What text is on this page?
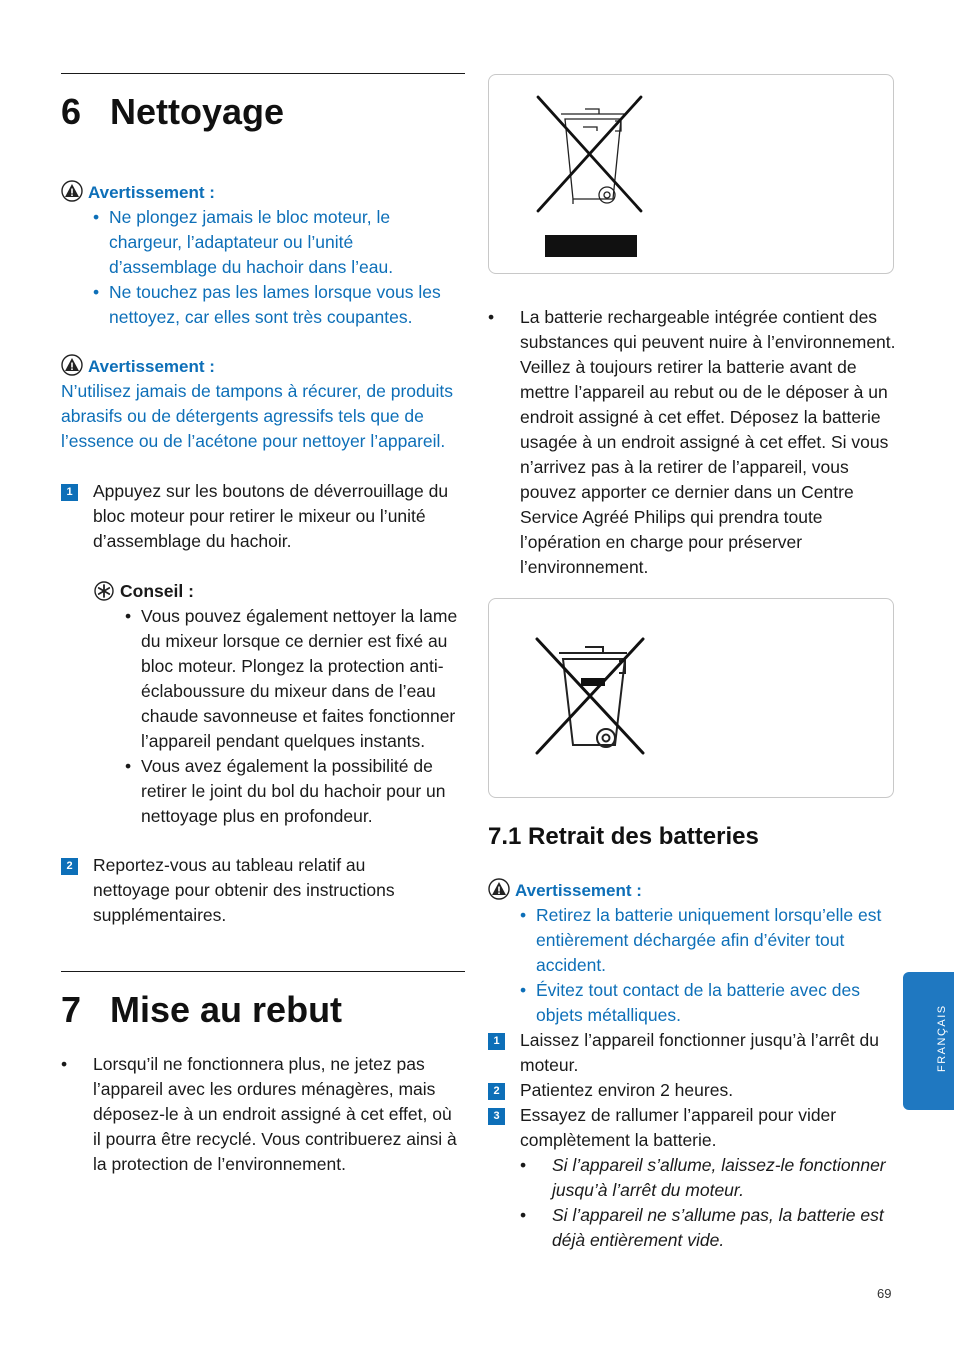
6 Nettoyage
Avertissement :
• Ne plongez jamais le bloc moteur, le chargeur, l’adaptateur ou l’unité d’assemblage du hachoir dans l’eau.
• Ne touchez pas les lames lorsque vous les nettoyez, car elles sont très coupantes.
Avertissement :
N’utilisez jamais de tampons à récurer, de produits abrasifs ou de détergents agressifs tels que de l’essence ou de l’acétone pour nettoyer l’appareil.
1	Appuyez sur les boutons de déverrouillage du bloc moteur pour retirer le mixeur ou l’unité d’assemblage du hachoir.
Conseil :
• Vous pouvez également nettoyer la lame du mixeur lorsque ce dernier est fixé au bloc moteur. Plongez la protection anti-éclaboussure du mixeur dans de l’eau chaude savonneuse et faites fonctionner l’appareil pendant quelques instants.
• Vous avez également la possibilité de retirer le joint du bol du hachoir pour un nettoyage plus en profondeur.
2	Reportez-vous au tableau relatif au nettoyage pour obtenir des instructions supplémentaires.
7 Mise au rebut
• Lorsqu’il ne fonctionnera plus, ne jetez pas l’appareil avec les ordures ménagères, mais déposez-le à un endroit assigné à cet effet, où il pourra être recyclé. Vous contribuerez ainsi à la protection de l’environnement.
• La batterie rechargeable intégrée contient des substances qui peuvent nuire à l’environnement. Veillez à toujours retirer la batterie avant de mettre l’appareil au rebut ou de le déposer à un endroit assigné à cet effet. Déposez la batterie usagée à un endroit assigné à cet effet. Si vous n’arrivez pas à la retirer de l’appareil, vous pouvez apporter ce dernier dans un Centre Service Agréé Philips qui prendra toute l’opération en charge pour préserver l’environnement.
7.1 Retrait des batteries
Avertissement :
• Retirez la batterie uniquement lorsqu’elle est entièrement déchargée afin d’éviter tout accident.
• Évitez tout contact de la batterie avec des objets métalliques.
1	Laissez l’appareil fonctionner jusqu’à l’arrêt du moteur.
2	Patientez environ 2 heures.
3	Essayez de rallumer l’appareil pour vider complètement la batterie.
• Si l’appareil s’allume, laissez-le fonctionner jusqu’à l’arrêt du moteur.
• Si l’appareil ne s’allume pas, la batterie est déjà entièrement vide.
FRANÇAIS
69
